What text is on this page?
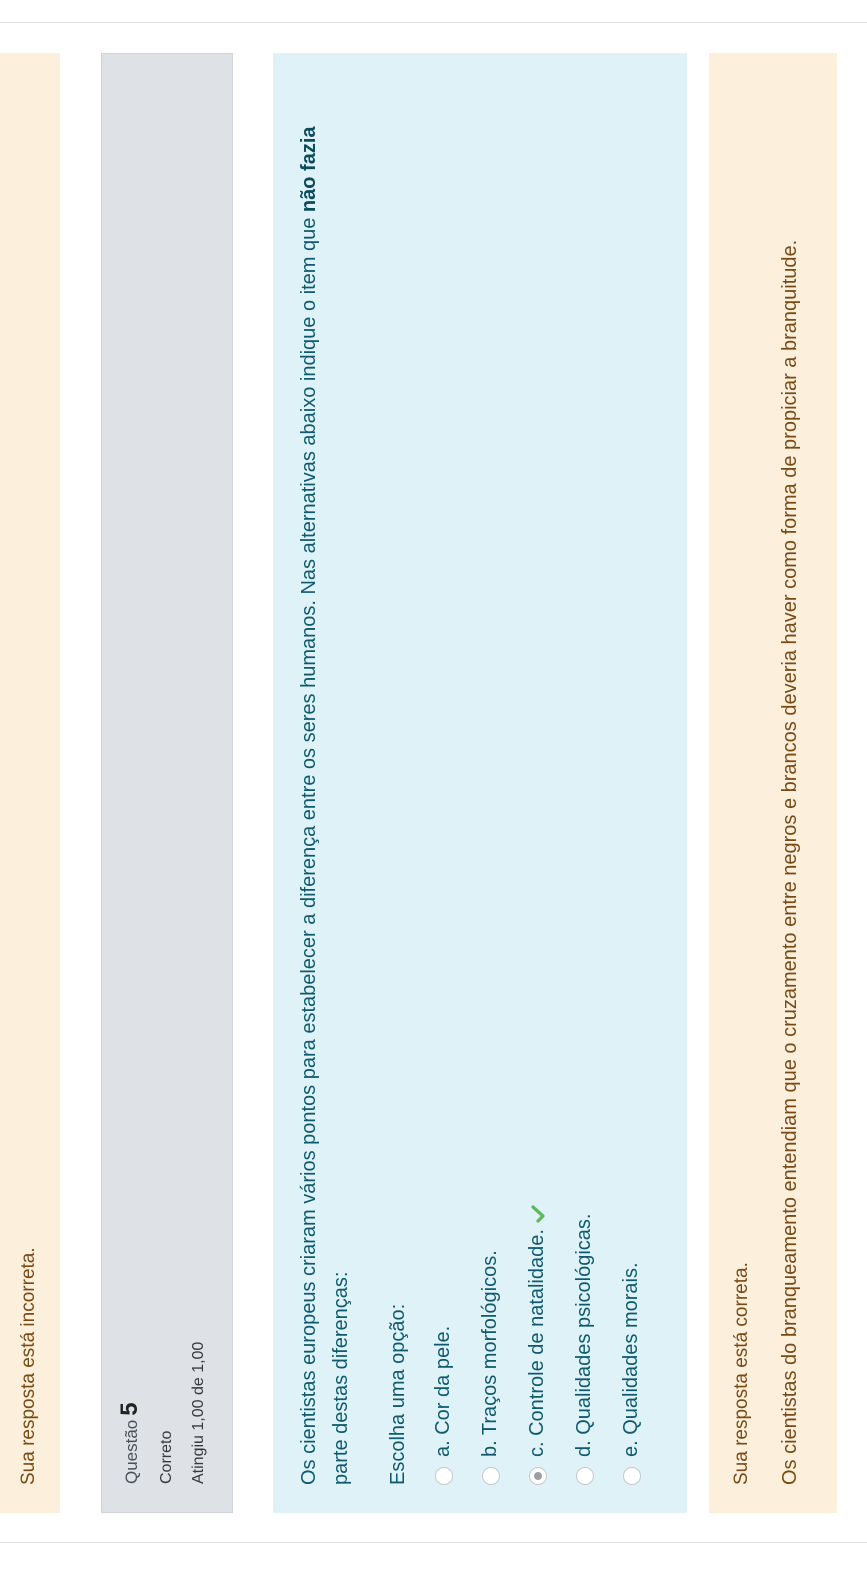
Sua resposta está incorreta.	Questão5
Correto Atingiu 1,00 de 1,00	Os cientistas europeus criaram vários pontos para estabelecer a diferença entre os seres humanos. Nas alternativas abaixo indique o item que não fazia parte destas diferenças: Escolha uma opção: a. Cor da pele. b. Traços morfológicos. c. Controle de natalidade. d. Qualidades psicológicas. e. Qualidades morais.	Sua resposta está correta. Os cientistas do branqueamento entendiam que o cruzamento entre negros e brancos deveria haver como forma de propiciar a branquitude.
